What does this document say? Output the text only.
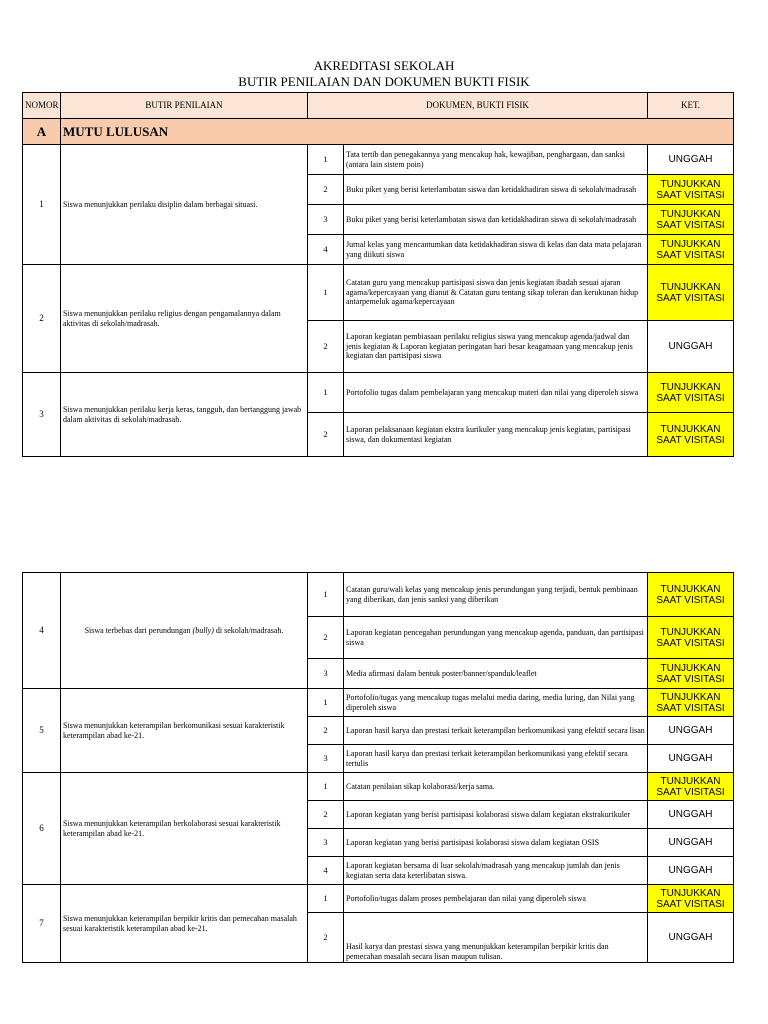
AKREDITASI SEKOLAH
BUTIR PENILAIAN DAN DOKUMEN BUKTI FISIK
NOMOR	BUTIR PENILAIAN	DOKUMEN, BUKTI FISIK		KET.
A	MUTU LULUSAN			
1	Siswa menunjukkan perilaku disiplin dalam berbagai situasi.	1	Tata tertib dan penegakannya yang mencakup hak, kewajiban, penghargaan, dan sanksi (antara lain sistem poin)	UNGGAH
		2	Buku piket yang berisi keterlambatan siswa dan ketidakhadiran siswa di sekolah/madrasah	TUNJUKKAN
SAAT VISITASI
		3	Buku piket yang berisi keterlambatan siswa dan ketidakhadiran siswa di sekolah/madrasah	TUNJUKKAN
SAAT VISITASI
		4	Jurnal kelas yang mencantumkan data ketidakhadiran siswa di kelas dan data mata pelajaran yang diikuti siswa	TUNJUKKAN
SAAT VISITASI
2	Siswa menunjukkan perilaku religius dengan pengamalannya dalam aktivitas di sekolah/madrasah.	1	Catatan guru yang mencakup partisipasi siswa dan jenis kegiatan ibadah sesuai ajaran agama/kepercayaan yang dianut & Catatan guru tentang sikap toleran dan kerukunan hidup antarpemeluk agama/kepercayaan	TUNJUKKAN
SAAT VISITASI
		2	Laporan kegiatan pembiasaan perilaku religius siswa yang mencakup agenda/jadwal dan jenis kegiatan & Laporan kegiatan peringatan hari besar keagamaan yang mencakup jenis kegiatan dan partisipasi siswa	UNGGAH
3	Siswa menunjukkan perilaku kerja keras, tangguh, dan bertanggung jawab dalam aktivitas di sekolah/madrasah.	1	Portofolio tugas dalam pembelajaran yang mencakup materi dan nilai yang diperoleh siswa	TUNJUKKAN
SAAT VISITASI
		2	Laporan pelaksanaan kegiatan ekstra kurikuler yang mencakup jenis kegiatan, partisipasi siswa, dan dokumentasi kegiatan	TUNJUKKAN
SAAT VISITASI
4	Siswa terbebas dari perundungan (bully) di sekolah/madrasah.	1	Catatan guru/wali kelas yang mencakup jenis perundungan yang terjadi, bentuk pembinaan yang diberikan, dan jenis sanksi yang diberikan	TUNJUKKAN
SAAT VISITASI
		2	Laporan kegiatan pencegahan perundungan yang mencakup agenda, panduan, dan partisipasi siswa	TUNJUKKAN
SAAT VISITASI
		3	Media afirmasi dalam bentuk poster/banner/spanduk/leaflet	TUNJUKKAN
SAAT VISITASI
5	Siswa menunjukkan keterampilan berkomunikasi sesuai karakteristik keterampilan abad ke-21.	1	Portofolio/tugas yang mencakup tugas melalui media daring, media luring, dan Nilai yang diperoleh siswa	TUNJUKKAN
SAAT VISITASI
		2	Laporan hasil karya dan prestasi terkait keterampilan berkomunikasi yang efektif secara lisan	UNGGAH
		3	Laporan hasil karya dan prestasi terkait keterampilan berkomunikasi yang efektif secara tertulis	UNGGAH
6	Siswa menunjukkan keterampilan berkolaborasi sesuai karakteristik keterampilan abad ke-21.	1	Catatan penilaian sikap kolaborasi/kerja sama.	TUNJUKKAN
SAAT VISITASI
		2	Laporan kegiatan yang berisi partisipasi kolaborasi siswa dalam kegiatan ekstrakurikuler	UNGGAH
		3	Laporan kegiatan yang berisi partisipasi kolaborasi siswa dalam kegiatan OSIS	UNGGAH
		4	Laporan kegiatan bersama di luar sekolah/madrasah yang mencakup jumlah dan jenis kegiatan serta data keterlibatan siswa.	UNGGAH
7	Siswa menunjukkan keterampilan berpikir kritis dan pemecahan masalah sesuai karakteristik keterampilan abad ke-21.	1	Portofolio/tugas dalam proses pembelajaran dan nilai yang diperoleh siswa	TUNJUKKAN
SAAT VISITASI
		2	Hasil karya dan prestasi siswa yang menunjukkan keterampilan berpikir kritis dan pemecahan masalah secara lisan maupun tulisan.	UNGGAH
